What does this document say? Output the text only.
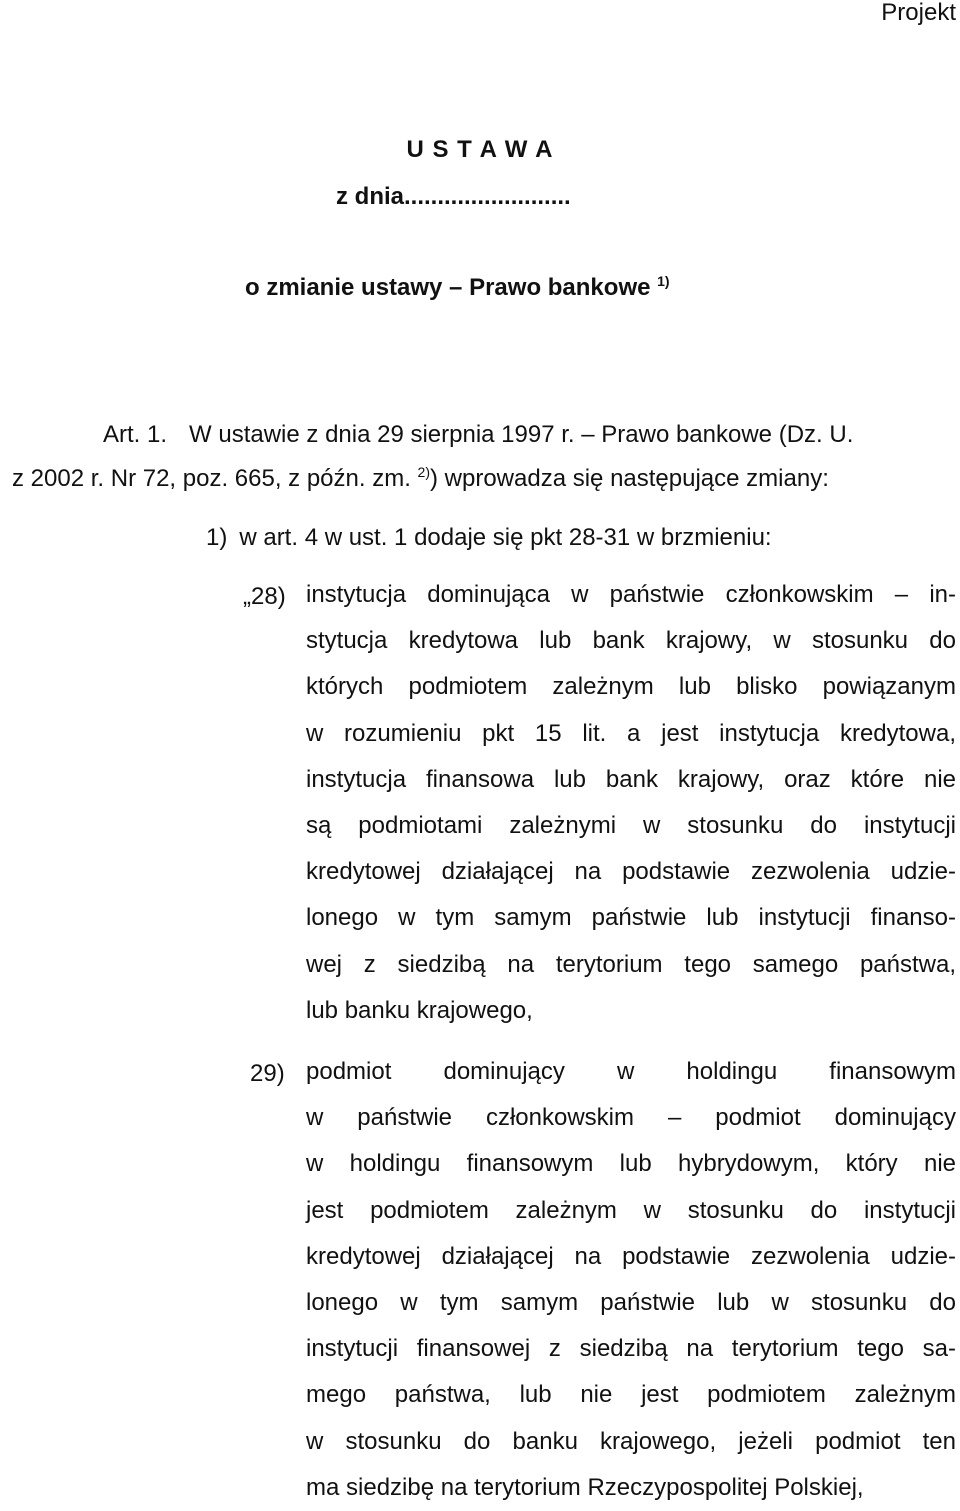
Projekt
U S T A W A
z dnia.........................
o zmianie ustawy – Prawo bankowe $^{1)}$
Art. 1. W ustawie z dnia 29 sierpnia 1997 r. – Prawo bankowe (Dz. U.
z 2002 r. Nr 72, poz. 665, z późn. zm. $^{2)}$) wprowadza się następujące zmiany:
1) w art. 4 w ust. 1 dodaje się pkt 28-31 w brzmieniu:
„28) instytucja dominująca w państwie członkowskim – in-
stytucja kredytowa lub bank krajowy, w stosunku do
których podmiotem zależnym lub blisko powiązanym
w rozumieniu pkt 15 lit. a jest instytucja kredytowa,
instytucja finansowa lub bank krajowy, oraz które nie
są podmiotami zależnymi w stosunku do instytucji
kredytowej działającej na podstawie zezwolenia udzie-
lonego w tym samym państwie lub instytucji finanso-
wej z siedzibą na terytorium tego samego państwa,
lub banku krajowego,
29) podmiot dominujący w holdingu finansowym
w państwie członkowskim – podmiot dominujący
w holdingu finansowym lub hybrydowym, który nie
jest podmiotem zależnym w stosunku do instytucji
kredytowej działającej na podstawie zezwolenia udzie-
lonego w tym samym państwie lub w stosunku do
instytucji finansowej z siedzibą na terytorium tego sa-
mego państwa, lub nie jest podmiotem zależnym
w stosunku do banku krajowego, jeżeli podmiot ten
ma siedzibę na terytorium Rzeczypospolitej Polskiej,
